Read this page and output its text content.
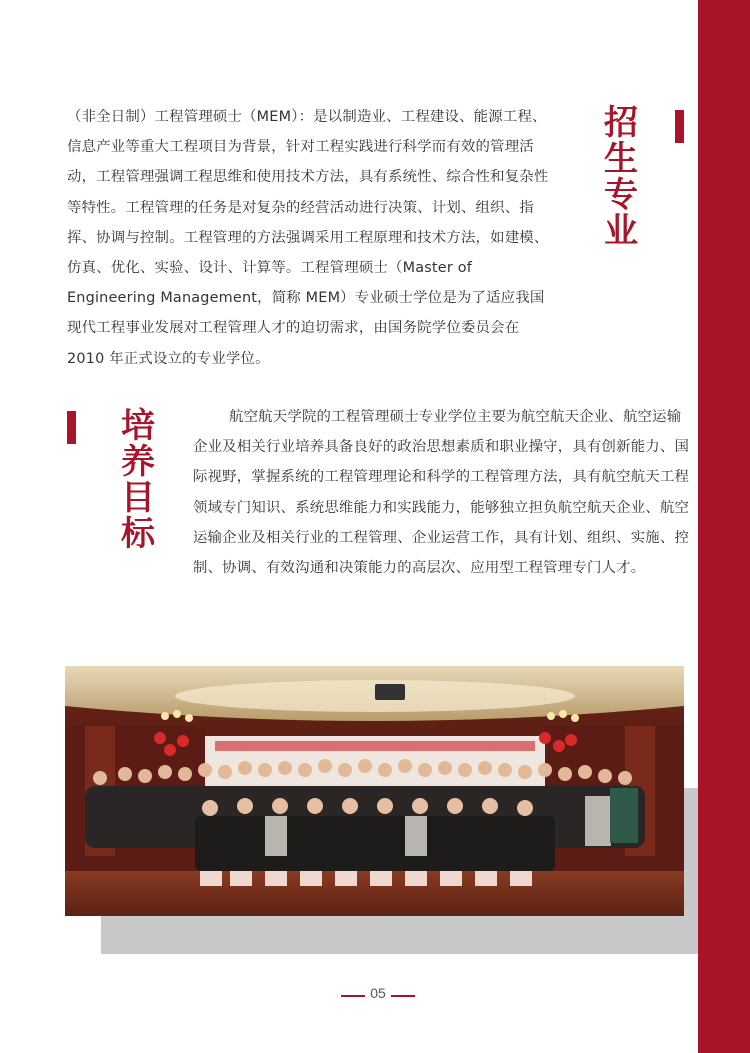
（非全日制）工程管理硕士（MEM）：是以制造业、工程建设、能源工程、信息产业等重大工程项目为背景，针对工程实践进行科学而有效的管理活动，工程管理强调工程思维和使用技术方法，具有系统性、综合性和复杂性等特性。工程管理的任务是对复杂的经营活动进行决策、计划、组织、指挥、协调与控制。工程管理的方法强调采用工程原理和技术方法，如建模、仿真、优化、实验、设计、计算等。工程管理硕士（Master of Engineering Management，简称 MEM）专业硕士学位是为了适应我国现代工程事业发展对工程管理人才的迫切需求，由国务院学位委员会在 2010 年正式设立的专业学位。

招生专业
培养目标

航空航天学院的工程管理硕士专业学位主要为航空航天企业、航空运输企业及相关行业培养具备良好的政治思想素质和职业操守，具有创新能力、国际视野，掌握系统的工程管理理论和科学的工程管理方法，具有航空航天工程领域专门知识、系统思维能力和实践能力，能够独立担负航空航天企业、航空运输企业及相关行业的工程管理、企业运营工作，具有计划、组织、实施、控制、协调、有效沟通和决策能力的高层次、应用型工程管理专门人才。

05
